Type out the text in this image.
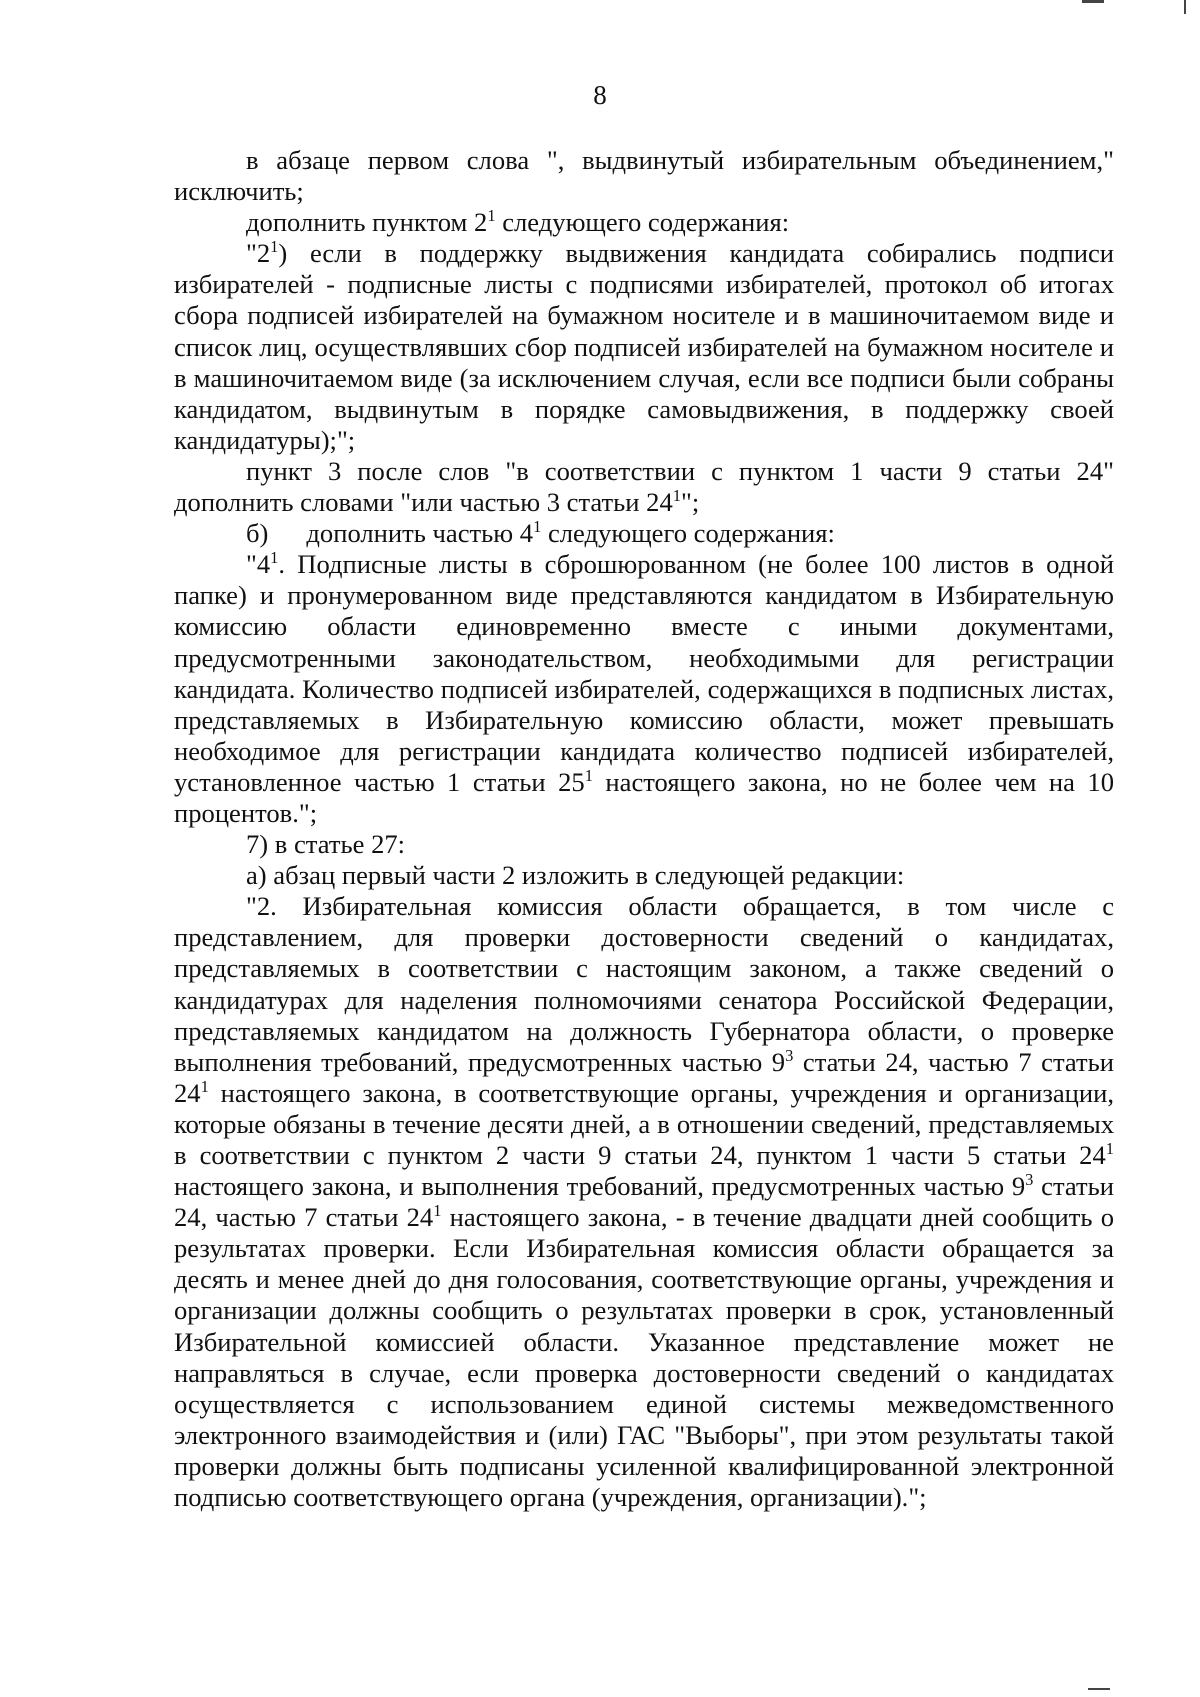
8

в абзаце первом слова ", выдвинутый избирательным объединением," исключить;

дополнить пунктом $2^1$ следующего содержания:

"$2^1$) если в поддержку выдвижения кандидата собирались подписи избирателей - подписные листы с подписями избирателей, протокол об итогах сбора подписей избирателей на бумажном носителе и в машиночитаемом виде и список лиц, осуществлявших сбор подписей избирателей на бумажном носителе и в машиночитаемом виде (за исключением случая, если все подписи были собраны кандидатом, выдвинутым в порядке самовыдвижения, в поддержку своей кандидатуры);";

пункт 3 после слов "в соответствии с пунктом 1 части 9 статьи 24" дополнить словами "или частью 3 статьи $24^1$";

б) дополнить частью $4^1$ следующего содержания:

"$4^1$. Подписные листы в сброшюрованном (не более 100 листов в одной папке) и пронумерованном виде представляются кандидатом в Избирательную комиссию области единовременно вместе с иными документами, предусмотренными законодательством, необходимыми для регистрации кандидата. Количество подписей избирателей, содержащихся в подписных листах, представляемых в Избирательную комиссию области, может превышать необходимое для регистрации кандидата количество подписей избирателей, установленное частью 1 статьи $25^1$ настоящего закона, но не более чем на 10 процентов.";

7) в статье 27:

а) абзац первый части 2 изложить в следующей редакции:

"2. Избирательная комиссия области обращается, в том числе с представлением, для проверки достоверности сведений о кандидатах, представляемых в соответствии с настоящим законом, а также сведений о кандидатурах для наделения полномочиями сенатора Российской Федерации, представляемых кандидатом на должность Губернатора области, о проверке выполнения требований, предусмотренных частью $9^3$ статьи 24, частью 7 статьи $24^1$ настоящего закона, в соответствующие органы, учреждения и организации, которые обязаны в течение десяти дней, а в отношении сведений, представляемых в соответствии с пунктом 2 части 9 статьи 24, пунктом 1 части 5 статьи $24^1$ настоящего закона, и выполнения требований, предусмотренных частью $9^3$ статьи 24, частью 7 статьи $24^1$ настоящего закона, - в течение двадцати дней сообщить о результатах проверки. Если Избирательная комиссия области обращается за десять и менее дней до дня голосования, соответствующие органы, учреждения и организации должны сообщить о результатах проверки в срок, установленный Избирательной комиссией области. Указанное представление может не направляться в случае, если проверка достоверности сведений о кандидатах осуществляется с использованием единой системы межведомственного электронного взаимодействия и (или) ГАС "Выборы", при этом результаты такой проверки должны быть подписаны усиленной квалифицированной электронной подписью соответствующего органа (учреждения, организации).";
